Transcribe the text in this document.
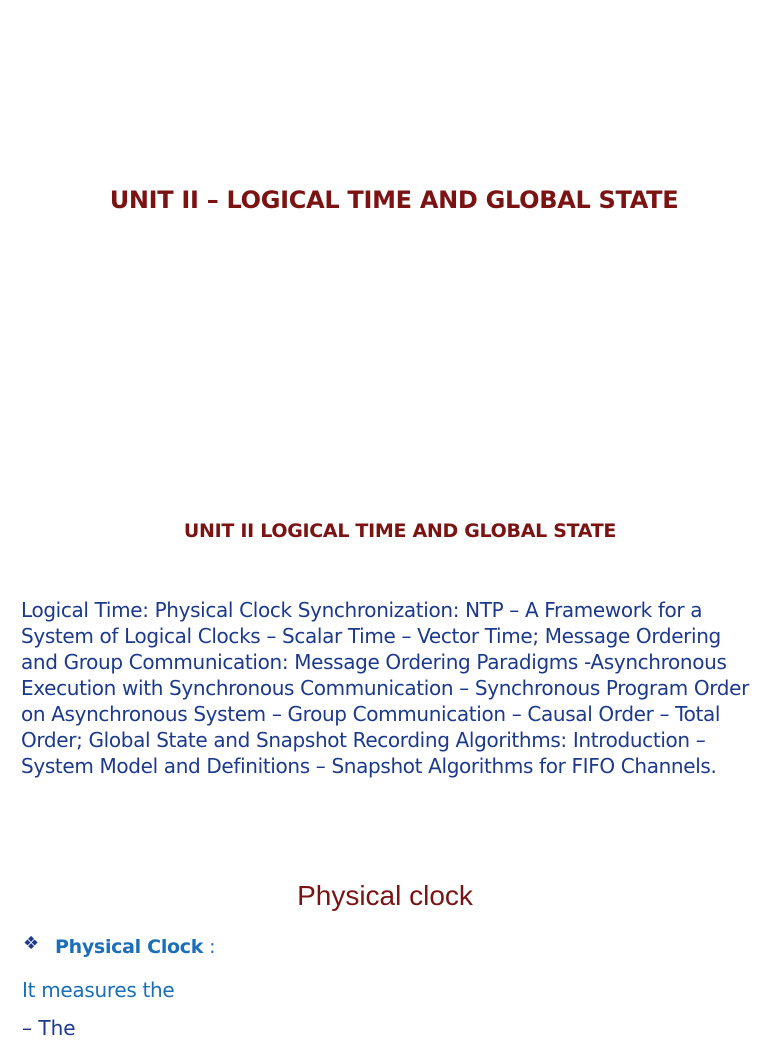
UNIT II – LOGICAL TIME AND GLOBAL STATE
UNIT II LOGICAL TIME AND GLOBAL STATE

Logical Time: Physical Clock Synchronization: NTP – A Framework for a System of Logical Clocks – Scalar Time – Vector Time; Message Ordering and Group Communication: Message Ordering Paradigms -Asynchronous Execution with Synchronous Communication – Synchronous Program Order on Asynchronous System – Group Communication – Causal Order – Total Order; Global State and Snapshot Recording Algorithms: Introduction – System Model and Definitions – Snapshot Algorithms for FIFO Channels.

Physical clock
❖ Physical Clock :
It measures the
– The
